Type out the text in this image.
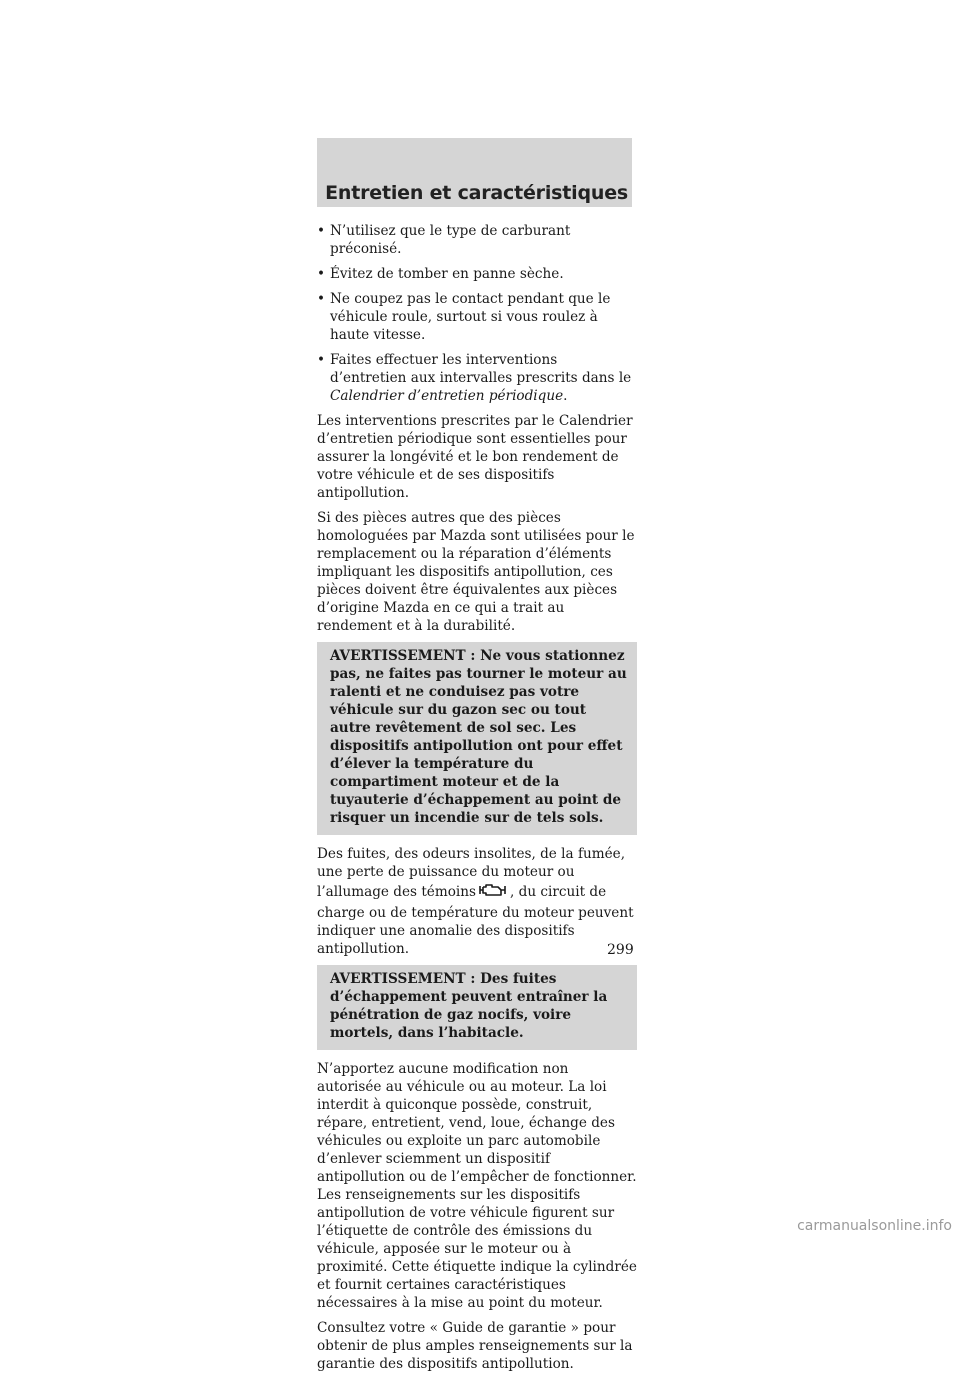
Entretien et caractéristiques
• N’utilisez que le type de carburant préconisé.
• Évitez de tomber en panne sèche.
• Ne coupez pas le contact pendant que le véhicule roule, surtout si vous roulez à haute vitesse.
• Faites effectuer les interventions d’entretien aux intervalles prescrits dans le Calendrier d’entretien périodique.

Les interventions prescrites par le Calendrier d’entretien périodique sont essentielles pour assurer la longévité et le bon rendement de votre véhicule et de ses dispositifs antipollution.

Si des pièces autres que des pièces homologuées par Mazda sont utilisées pour le remplacement ou la réparation d’éléments impliquant les dispositifs antipollution, ces pièces doivent être équivalentes aux pièces d’origine Mazda en ce qui a trait au rendement et à la durabilité.

AVERTISSEMENT : Ne vous stationnez pas, ne faites pas tourner le moteur au ralenti et ne conduisez pas votre véhicule sur du gazon sec ou tout autre revêtement de sol sec. Les dispositifs antipollution ont pour effet d’élever la température du compartiment moteur et de la tuyauterie d’échappement au point de risquer un incendie sur de tels sols.

Des fuites, des odeurs insolites, de la fumée, une perte de puissance du moteur ou l’allumage des témoins	, du circuit de charge ou de température du moteur peuvent indiquer une anomalie des dispositifs antipollution.

AVERTISSEMENT : Des fuites d’échappement peuvent entraîner la pénétration de gaz nocifs, voire mortels, dans l’habitacle.

N’apportez aucune modification non autorisée au véhicule ou au moteur. La loi interdit à quiconque possède, construit, répare, entretient, vend, loue, échange des véhicules ou exploite un parc automobile d’enlever sciemment un dispositif antipollution ou de l’empêcher de fonctionner. Les renseignements sur les dispositifs antipollution de votre véhicule figurent sur l’étiquette de contrôle des émissions du véhicule, apposée sur le moteur ou à proximité. Cette étiquette indique la cylindrée et fournit certaines caractéristiques nécessaires à la mise au point du moteur.

Consultez votre « Guide de garantie » pour obtenir de plus amples renseignements sur la garantie des dispositifs antipollution.

299
carmanualsonline.info
